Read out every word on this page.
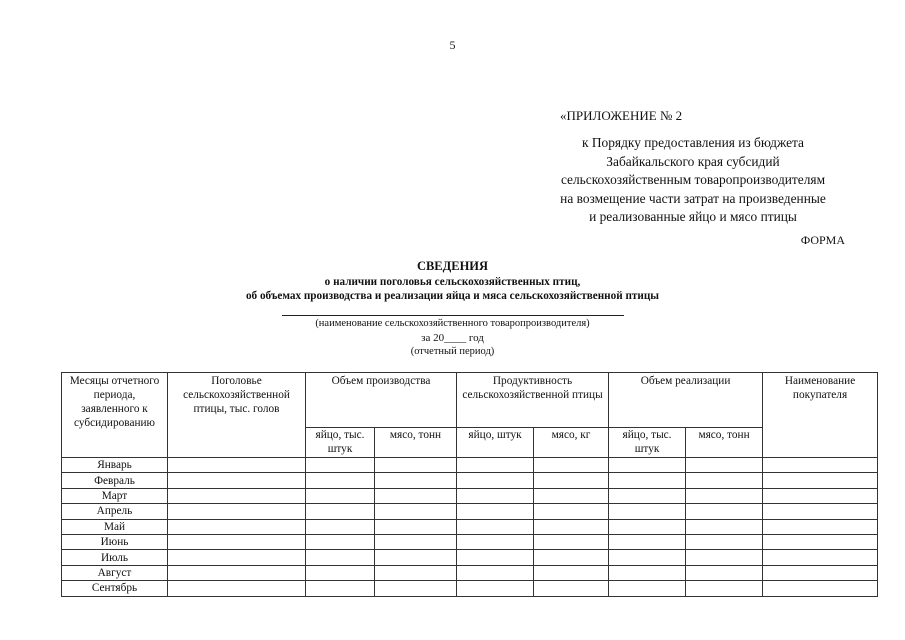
5
«ПРИЛОЖЕНИЕ № 2
к Порядку предоставления из бюджета
Забайкальского края субсидий
сельскохозяйственным товаропроизводителям
на возмещение части затрат на произведенные
и реализованные яйцо и мясо птицы
ФОРМА
СВЕДЕНИЯ
о наличии поголовья сельскохозяйственных птиц,
об объемах производства и реализации яйца и мяса сельскохозяйственной птицы
(наименование сельскохозяйственного товаропроизводителя)
за 20____ год
(отчетный период)
Месяцы отчетного периода, заявленного к субсидированию	Поголовье сельскохозяйственной птицы, тыс. голов	Объем производства		Продуктивность сельскохозяйственной птицы		Объем реализации		Наименование покупателя
		яйцо, тыс. штук	мясо, тонн	яйцо, штук	мясо, кг	яйцо, тыс. штук	мясо, тонн	
Январь								
Февраль								
Март								
Апрель								
Май								
Июнь								
Июль								
Август								
Сентябрь								
